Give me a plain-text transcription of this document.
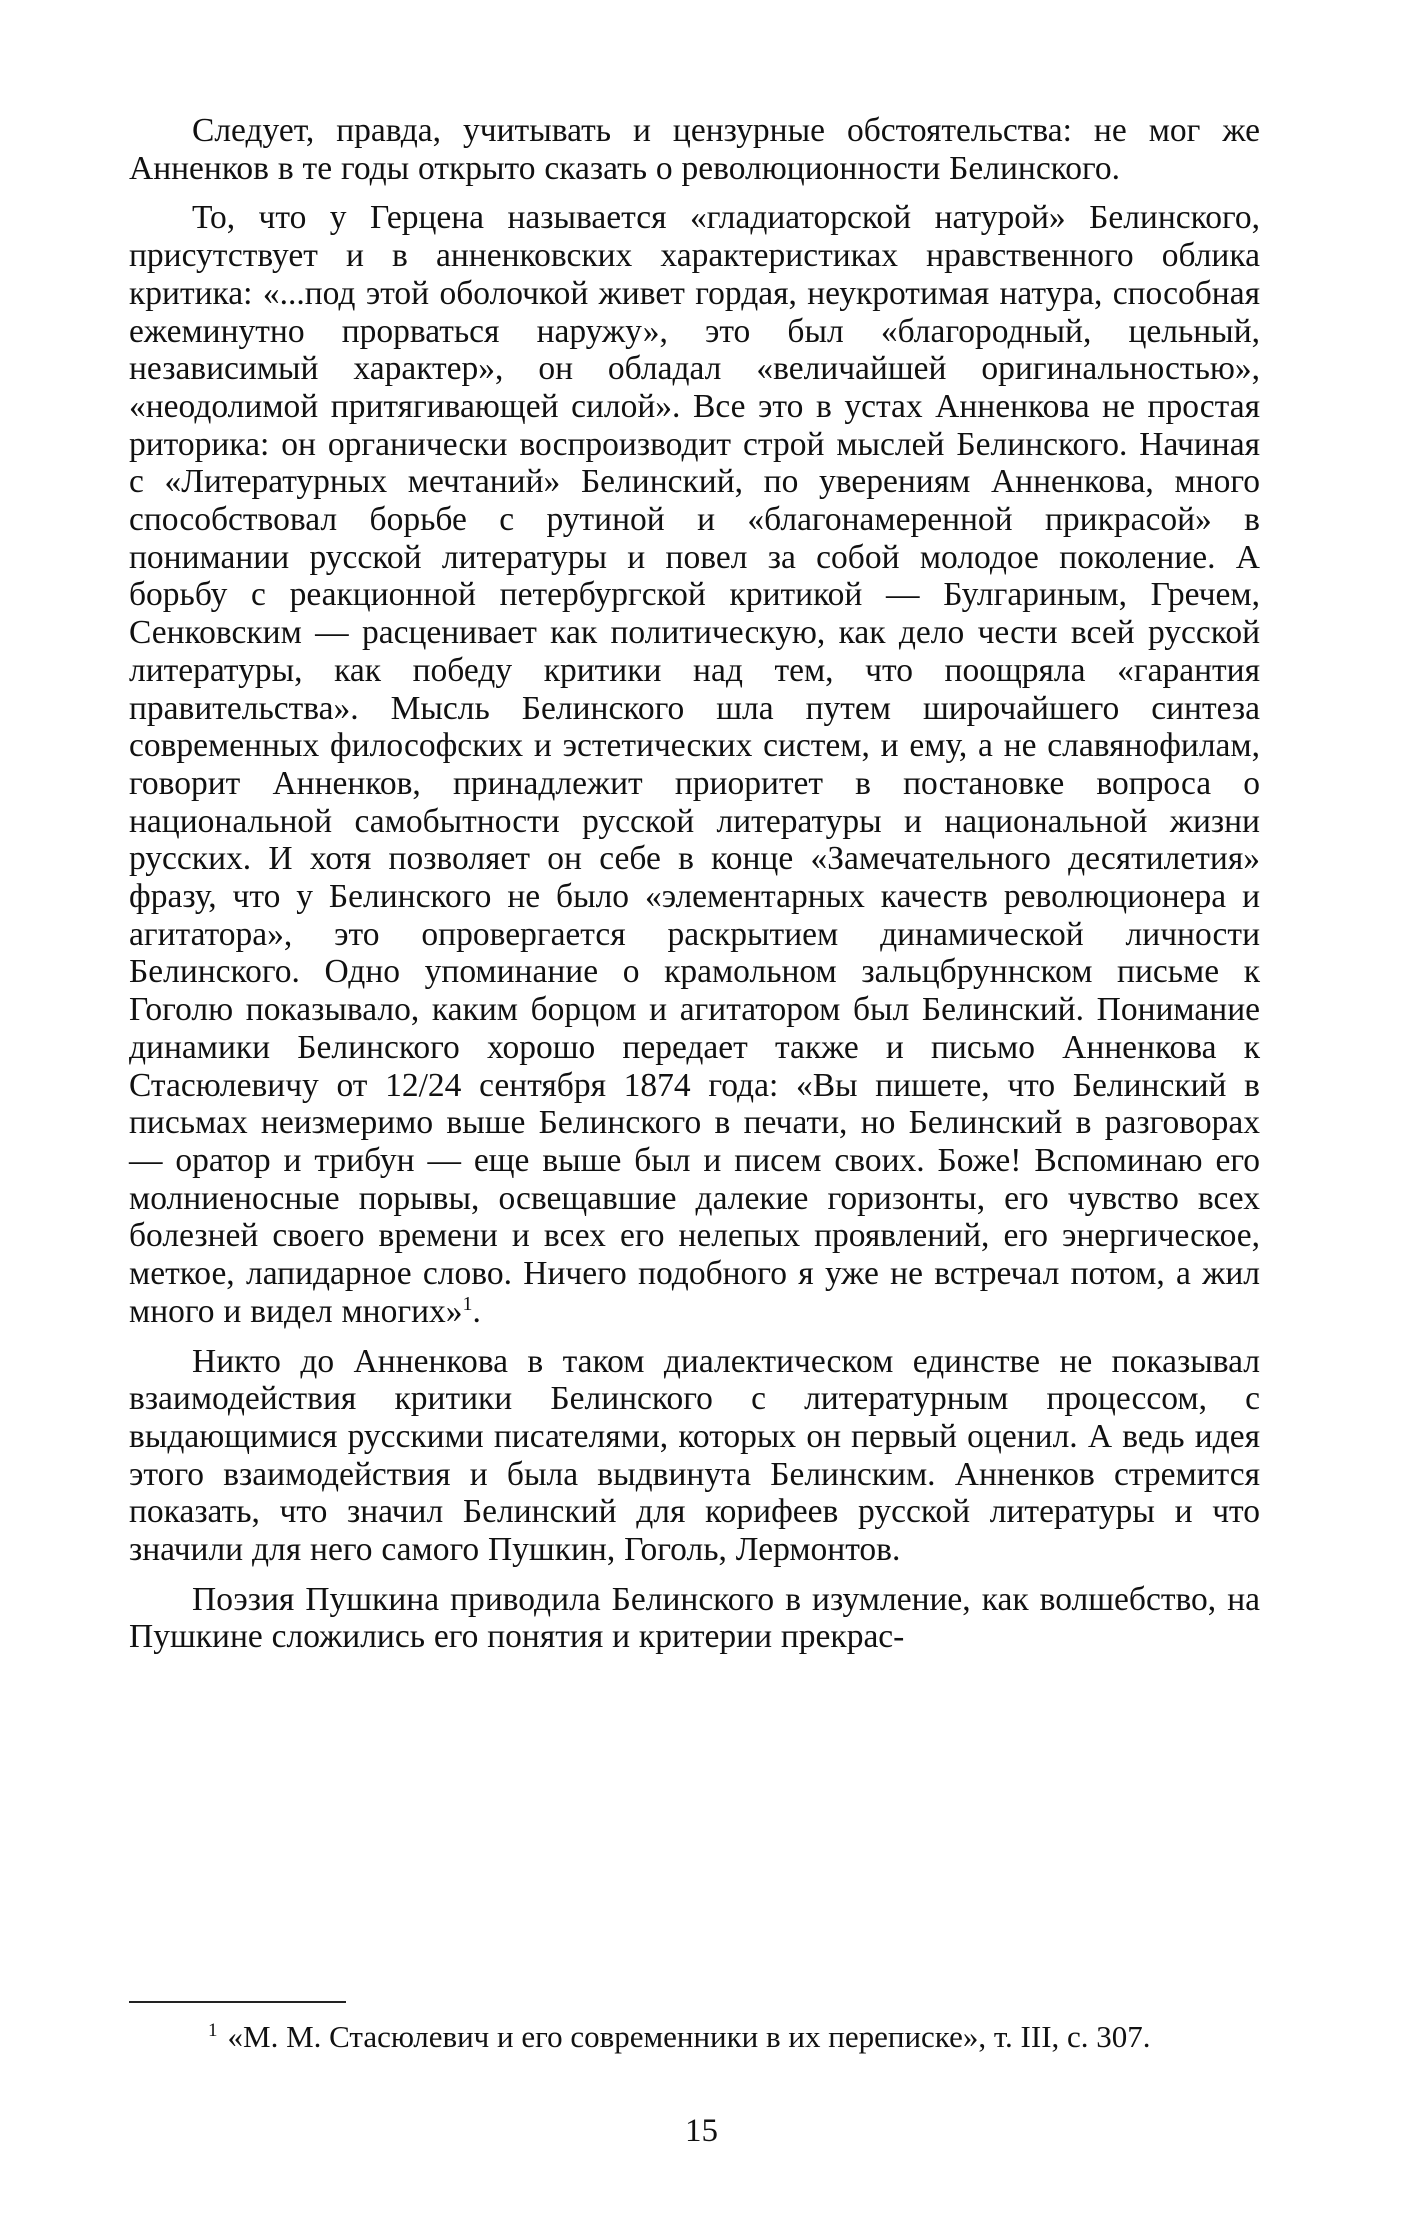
Следует, правда, учитывать и цензурные обстоятельства: не мог же Анненков в те годы открыто сказать о революционности Белинского.

То, что у Герцена называется «гладиаторской натурой» Белинского, присутствует и в анненковских характеристиках нравственного облика критика: «...под этой оболочкой живет гордая, неукротимая натура, способная ежеминутно прорваться наружу», это был «благородный, цельный, независимый характер», он обладал «величайшей оригинальностью», «неодолимой притягивающей силой». Все это в устах Анненкова не простая риторика: он органически воспроизводит строй мыслей Белинского. Начиная с «Литературных мечтаний» Белинский, по уверениям Анненкова, много способствовал борьбе с рутиной и «благонамеренной прикрасой» в понимании русской литературы и повел за собой молодое поколение. А борьбу с реакционной петербургской критикой — Булгариным, Гречем, Сенковским — расценивает как политическую, как дело чести всей русской литературы, как победу критики над тем, что поощряла «гарантия правительства». Мысль Белинского шла путем широчайшего синтеза современных философских и эстетических систем, и ему, а не славянофилам, говорит Анненков, принадлежит приоритет в постановке вопроса о национальной самобытности русской литературы и национальной жизни русских. И хотя позволяет он себе в конце «Замечательного десятилетия» фразу, что у Белинского не было «элементарных качеств революционера и агитатора», это опровергается раскрытием динамической личности Белинского. Одно упоминание о крамольном зальцбруннском письме к Гоголю показывало, каким борцом и агитатором был Белинский. Понимание динамики Белинского хорошо передает также и письмо Анненкова к Стасюлевичу от 12/24 сентября 1874 года: «Вы пишете, что Белинский в письмах неизмеримо выше Белинского в печати, но Белинский в разговорах — оратор и трибун — еще выше был и писем своих. Боже! Вспоминаю его молниеносные порывы, освещавшие далекие горизонты, его чувство всех болезней своего времени и всех его нелепых проявлений, его энергическое, меткое, лапидарное слово. Ничего подобного я уже не встречал потом, а жил много и видел многих»$^1$.

Никто до Анненкова в таком диалектическом единстве не показывал взаимодействия критики Белинского с литературным процессом, с выдающимися русскими писателями, которых он первый оценил. А ведь идея этого взаимодействия и была выдвинута Белинским. Анненков стремится показать, что значил Белинский для корифеев русской литературы и что значили для него самого Пушкин, Гоголь, Лермонтов.

Поэзия Пушкина приводила Белинского в изумление, как волшебство, на Пушкине сложились его понятия и критерии прекрас-

$^1$ «М. М. Стасюлевич и его современники в их переписке», т. III, с. 307.

15
